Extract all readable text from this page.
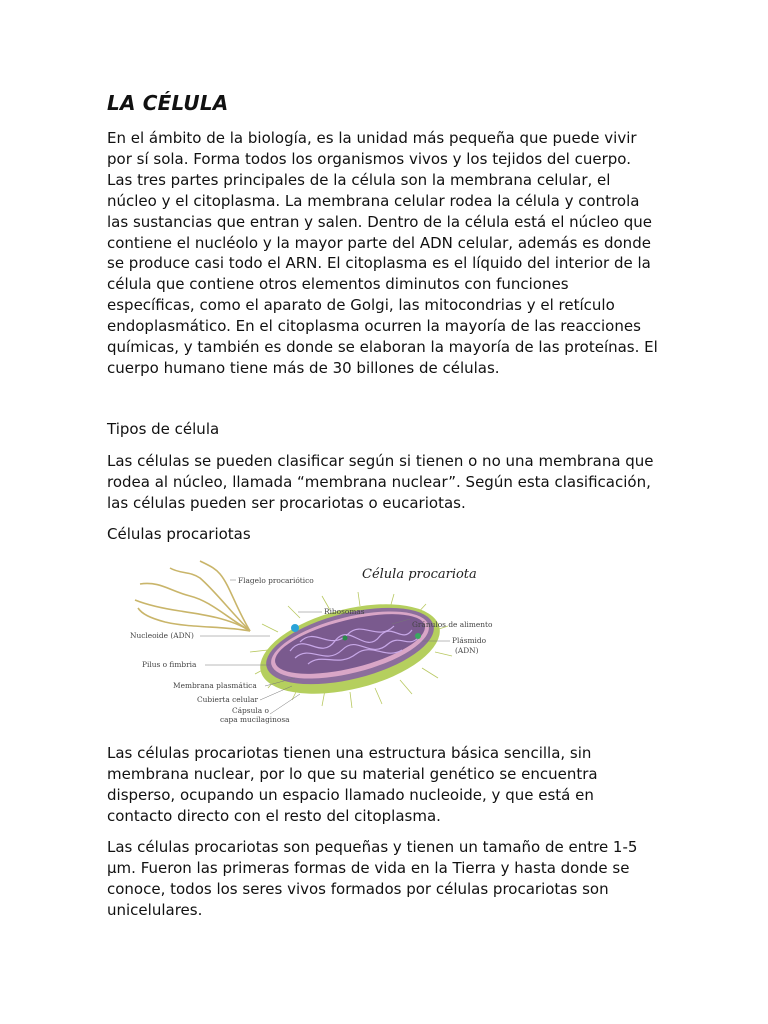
LA CÉLULA

En el ámbito de la biología, es la unidad más pequeña que puede vivir
por sí sola. Forma todos los organismos vivos y los tejidos del cuerpo.
Las tres partes principales de la célula son la membrana celular, el
núcleo y el citoplasma. La membrana celular rodea la célula y controla
las sustancias que entran y salen. Dentro de la célula está el núcleo que
contiene el nucléolo y la mayor parte del ADN celular, además es donde
se produce casi todo el ARN. El citoplasma es el líquido del interior de la
célula que contiene otros elementos diminutos con funciones
específicas, como el aparato de Golgi, las mitocondrias y el retículo
endoplasmático. En el citoplasma ocurren la mayoría de las reacciones
químicas, y también es donde se elaboran la mayoría de las proteínas. El
cuerpo humano tiene más de 30 billones de células.

Tipos de célula

Las células se pueden clasificar según si tienen o no una membrana que
rodea al núcleo, llamada “membrana nuclear”. Según esta clasificación,
las células pueden ser procariotas o eucariotas.

Células procariotas

Las células procariotas tienen una estructura básica sencilla, sin
membrana nuclear, por lo que su material genético se encuentra
disperso, ocupando un espacio llamado nucleoide, y que está en
contacto directo con el resto del citoplasma.

Las células procariotas son pequeñas y tienen un tamaño de entre 1-5
µm. Fueron las primeras formas de vida en la Tierra y hasta donde se
conoce, todos los seres vivos formados por células procariotas son
unicelulares.

Célula procariota
Flagelo procariótico
Ribosomas
Gránulos de alimento
Nucleoide (ADN)
Plásmido
(ADN)
Pilus o fimbria
Membrana plasmática
Cubierta celular
Cápsula o
capa mucilaginosa
